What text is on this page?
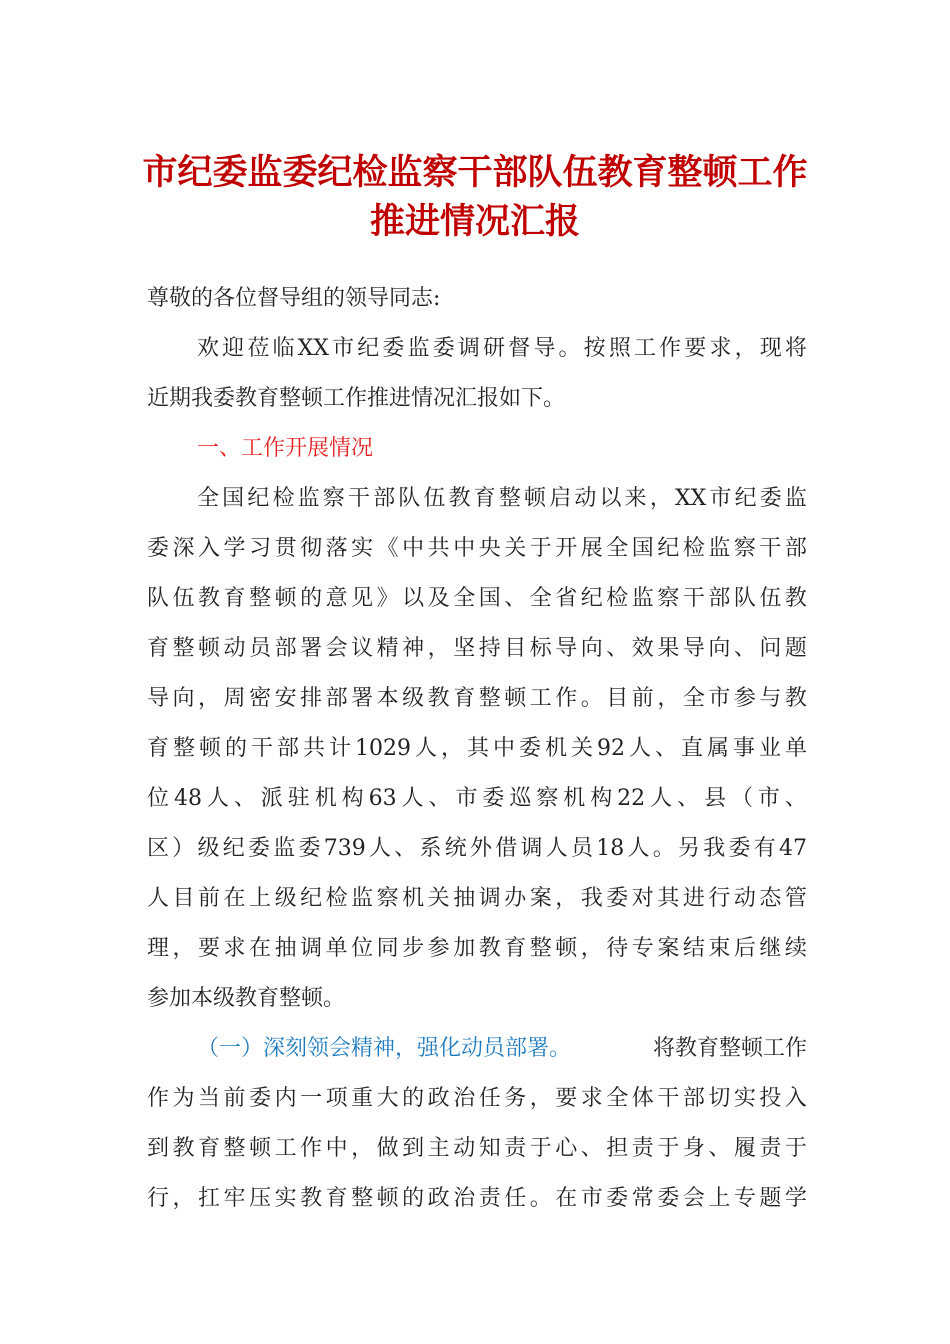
市纪委监委纪检监察干部队伍教育整顿工作
推进情况汇报
尊敬的各位督导组的领导同志:
欢 迎 莅 临 XX 市 纪 委 监 委 调 研 督 导 。 按 照 工 作 要 求 ， 现 将
近期我委教育整顿工作推进情况汇报如下。
一、工作开展情况
全 国 纪 检 监 察 干 部 队 伍 教 育 整 顿 启 动 以 来 ， XX 市 纪 委 监
委 深 入 学 习 贯 彻 落 实 《 中 共 中 央 关 于 开 展 全 国 纪 检 监 察 干 部
队 伍 教 育 整 顿 的 意 见 》 以 及 全 国 、 全 省 纪 检 监 察 干 部 队 伍 教
育 整 顿 动 员 部 署 会 议 精 神 ， 坚 持 目 标 导 向 、 效 果 导 向 、 问 题
导 向 ， 周 密 安 排 部 署 本 级 教 育 整 顿 工 作 。 目 前 ， 全 市 参 与 教
育 整 顿 的 干 部 共 计 1029 人 ， 其 中 委 机 关 92 人 、 直 属 事 业 单
位 48 人 、 派 驻 机 构 63 人 、 市 委 巡 察 机 构 22 人 、 县 （ 市 、
区 ） 级 纪 委 监 委 739 人 、 系 统 外 借 调 人 员 18 人 。 另 我 委 有 47
人 目 前 在 上 级 纪 检 监 察 机 关 抽 调 办 案 ， 我 委 对 其 进 行 动 态 管
理 ， 要 求 在 抽 调 单 位 同 步 参 加 教 育 整 顿 ， 待 专 案 结 束 后 继 续
参加本级教育整顿。
（一）深刻领会精神，强化动员部署。	将教育整顿工作
作 为 当 前 委 内 一 项 重 大 的 政 治 任 务 ， 要 求 全 体 干 部 切 实 投 入
到 教 育 整 顿 工 作 中 ， 做 到 主 动 知 责 于 心 、 担 责 于 身 、 履 责 于
行 ， 扛 牢 压 实 教 育 整 顿 的 政 治 责 任 。 在 市 委 常 委 会 上 专 题 学
